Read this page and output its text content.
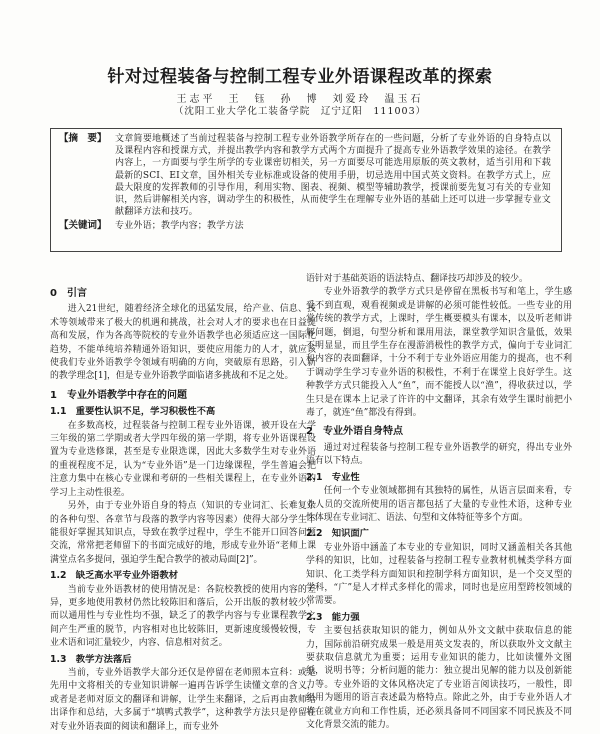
针对过程装备与控制工程专业外语课程改革的探索
王志平　王　钰　孙　博　刘爱玲　温玉石
（沈阳工业大学化工装备学院　辽宁辽阳　111003）
【摘　要】 文章简要地概述了当前过程装备与控制工程专业外语教学所存在的一些问题，分析了专业外语的自身特点以及课程内容和授课方式，并提出教学内容和教学方式两个方面提升了提高专业外语教学效果的途径。在教学内容上，一方面要与学生所学的专业课密切相关，另一方面要尽可能选用原版的英文教材，适当引用和下载最新的SCI、EI文章，国外相关专业标准或设备的使用手册，切忌选用中国式英文资料。在教学方式上，应最大限度的发挥教师的引导作用，利用实物、图表、视频、模型等辅助教学，授课前要先复习有关的专业知识，然后讲解相关内容，调动学生的积极性，从而使学生在理解专业外语的基础上还可以进一步掌握专业文献翻译方法和技巧。
【关键词】 专业外语；教学内容；教学方法
0　引言

进入21世纪，随着经济全球化的迅猛发展，给产业、信息、技术等领域带来了极大的机遇和挑战，社会对人才的要求也在日益提高和发展，作为各高等院校的专业外语教学也必须适应这一国际化趋势，不能单纯培养精通外语知识，要使应用能力的人才，就应该使我们专业外语教学令领域有明确的方向，突破原有思路，引入新的教学理念[1]，但是专业外语教学面临诸多挑战和不足之处。

1　专业外语教学中存在的问题
1.1　重要性认识不足，学习积极性不高

在多数高校，过程装备与控制工程专业外语课，被开设在大学三年级的第二学期或者大学四年级的第一学期，将专业外语课程设置为专业选修课，甚至是专业限选课，因此大多数学生对专业外语的重视程度不足，认为“专业外语”是一门边缘课程，学生普遍会把注意力集中在核心专业课和考研的一些相关课程上，在专业外语的学习上主动性很差。

另外，由于专业外语自身的特点（知识的专业词汇、长难复杂的各种句型、各章节与段落的教学内容等因素）使得大部分学生不能很好掌握其知识点，导致在教学过程中，学生不能开口回答问题交流，常常把老师留下的书面完成好的地，形成专业外语“老师上课满堂点名多提问，强迫学生配合教学的被动局面[2]”。

1.2　缺乏高水平专业外语教材

当前专业外语教材的使用情况是：各院校教授的使用内容的差异，更多地使用教材仍然比较陈旧和落后，公开出版的教材较少，而以通用性与专业性均不强，缺乏了的教学内容与专业课程教学之间产生严重的脱节，内容相对也比较陈旧，更新速度缓慢较慢，专业术语和词汇量较少，内容、信息相对贫乏。

1.3　教学方法落后

当前，专业外语教学大部分还仅是停留在老师照本宣科：或是先用中文将相关的专业知识讲解一遍再告诉学生读懂文章的含义，或者是老师对原文的翻译和讲解，让学生来翻译，之后再由教师给出译作和总结，大多属于“填鸭式教学”，这种教学方法只是停留在对专业外语表面的阅读和翻译上，而专业外

语针对于基础英语的语法特点、翻译技巧却涉及的较少。

专业外语教学的教学方式只是停留在黑板书写和笔上，学生感受不到直观，观看视频或是讲解的必须可能性较低。一些专业的用常传统的教学方式，上课时，学生概要模头有课本，以及听老师讲解问题，倒退，句型分析和课用用法，课堂教学知识含量低，效果不明显显，而且学生存在漫游消极性的教学方式，偏向于专业词汇和内容的表面翻译，十分不利于专业外语应用能力的提高，也不利于调动学生学习专业外语的积极性，不利于在课堂上良好学生。这种教学方式只能投入人“鱼”，而不能授人以“渔”，得收获过以，学生只是在课本上记录了许许的中文翻译，其余有效学生课时前把小毒了，就连“鱼”都没有得到。

2　专业外语自身特点

通过对过程装备与控制工程专业外语教学的研究，得出专业外语有以下特点。

2.1　专业性

任何一个专业领域都拥有其独特的属性，从语言层面来看，专业人员的交流所使用的语言都包括了大量的专业性术语，这种专业性体现在专业词汇、语法、句型和文体特征等多个方面。

2.2　知识面广

专业外语中涵盖了本专业的专业知识，同时又涵盖相关各其他学科的知识，比如，过程装备与控制工程专业教材机械类学科方面知识、化工类学科方面知识和控制学科方面知识，是一个交叉型的学科，“广”是人才样式多样化的需求，同时也是应用型跨校领域的常需要。

2.3　能力强

主要包括获取知识的能力，例如从外文文献中获取信息的能力，国际前沿研究成果一般是用英文发表的，所以获取外文文献主要获取信息就尤为重要；运用专业知识的能力，比如读懂外文图纸，说明书等；分析问题的能力：独立提出见解的能力以及创新能力等。专业外语的文体风格决定了专业语言阅读技巧，一般性，即组用为题用的语言表述最为格特点。除此之外，由于专业外语人才将在就业方向和工作性质，还必须具备同不同国家不同民族及不同文化背景交流的能力。
